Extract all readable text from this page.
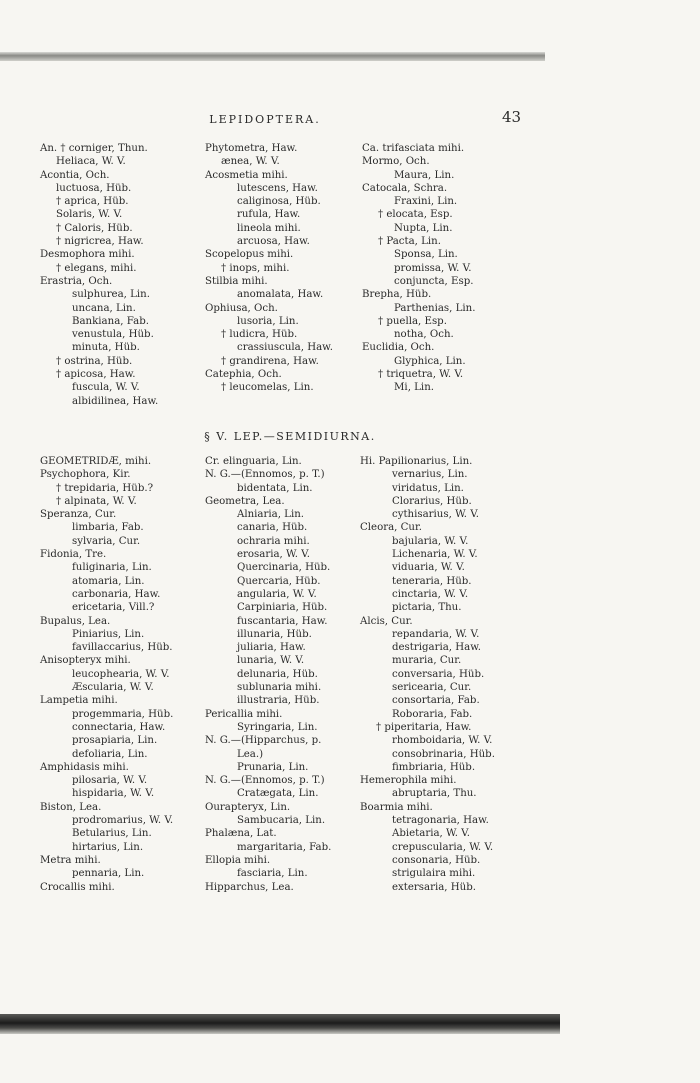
LEPIDOPTERA.	43
An. † corniger, Thun.
Heliaca, W. V.
Acontia, Och.
luctuosa, Hüb.
† aprica, Hüb.
Solaris, W. V.
† Caloris, Hüb.
† nigricrea, Haw.
Desmophora mihi.
† elegans, mihi.
Erastria, Och.
sulphurea, Lin.
uncana, Lin.
Bankiana, Fab.
venustula, Hüb.
minuta, Hüb.
† ostrina, Hüb.
† apicosa, Haw.
fuscula, W. V.
albidilinea, Haw.
Phytometra, Haw.
ænea, W. V.
Acosmetia mihi.
lutescens, Haw.
caliginosa, Hüb.
rufula, Haw.
lineola mihi.
arcuosa, Haw.
Scopelopus mihi.
† inops, mihi.
Stilbia mihi.
anomalata, Haw.
Ophiusa, Och.
lusoria, Lin.
† ludicra, Hüb.
crassiuscula, Haw.
† grandirena, Haw.
Catephia, Och.
† leucomelas, Lin.
Ca. trifasciata mihi.
Mormo, Och.
Maura, Lin.
Catocala, Schra.
Fraxini, Lin.
† elocata, Esp.
Nupta, Lin.
† Pacta, Lin.
Sponsa, Lin.
promissa, W. V.
conjuncta, Esp.
Brepha, Hüb.
Parthenias, Lin.
† puella, Esp.
notha, Och.
Euclidia, Och.
Glyphica, Lin.
† triquetra, W. V.
Mi, Lin.
§ V. LEP.—SEMIDIURNA.
GEOMETRIDÆ, mihi.
Psychophora, Kir.
† trepidaria, Hüb.?
† alpinata, W. V.
Speranza, Cur.
limbaria, Fab.
sylvaria, Cur.
Fidonia, Tre.
fuliginaria, Lin.
atomaria, Lin.
carbonaria, Haw.
ericetaria, Vill.?
Bupalus, Lea.
Piniarius, Lin.
favillaccarius, Hüb.
Anisopteryx mihi.
leucophearia, W. V.
Æscularia, W. V.
Lampetia mihi.
progemmaria, Hüb.
connectaria, Haw.
prosapiaria, Lin.
defoliaria, Lin.
Amphidasis mihi.
pilosaria, W. V.
hispidaria, W. V.
Biston, Lea.
prodromarius, W. V.
Betularius, Lin.
hirtarius, Lin.
Metra mihi.
pennaria, Lin.
Crocallis mihi.
Cr. elinguaria, Lin.
N. G.—(Ennomos, p. T.)
bidentata, Lin.
Geometra, Lea.
Alniaria, Lin.
canaria, Hüb.
ochraria mihi.
erosaria, W. V.
Quercinaria, Hüb.
Quercaria, Hüb.
angularia, W. V.
Carpiniaria, Hüb.
fuscantaria, Haw.
illunaria, Hüb.
juliaria, Haw.
lunaria, W. V.
delunaria, Hüb.
sublunaria mihi.
illustraria, Hüb.
Pericallia mihi.
Syringaria, Lin.
N. G.—(Hipparchus, p.
Lea.)
Prunaria, Lin.
N. G.—(Ennomos, p. T.)
Cratægata, Lin.
Ourapteryx, Lin.
Sambucaria, Lin.
Phalæna, Lat.
margaritaria, Fab.
Ellopia mihi.
fasciaria, Lin.
Hipparchus, Lea.
Hi. Papilionarius, Lin.
vernarius, Lin.
viridatus, Lin.
Clorarius, Hüb.
cythisarius, W. V.
Cleora, Cur.
bajularia, W. V.
Lichenaria, W. V.
viduaria, W. V.
teneraria, Hüb.
cinctaria, W. V.
pictaria, Thu.
Alcis, Cur.
repandaria, W. V.
destrigaria, Haw.
muraria, Cur.
conversaria, Hüb.
sericearia, Cur.
consortaria, Fab.
Roboraria, Fab.
† piperitaria, Haw.
rhomboidaria, W. V.
consobrinaria, Hüb.
fimbriaria, Hüb.
Hemerophila mihi.
abruptaria, Thu.
Boarmia mihi.
tetragonaria, Haw.
Abietaria, W. V.
crepuscularia, W. V.
consonaria, Hüb.
strigulaira mihi.
extersaria, Hüb.
